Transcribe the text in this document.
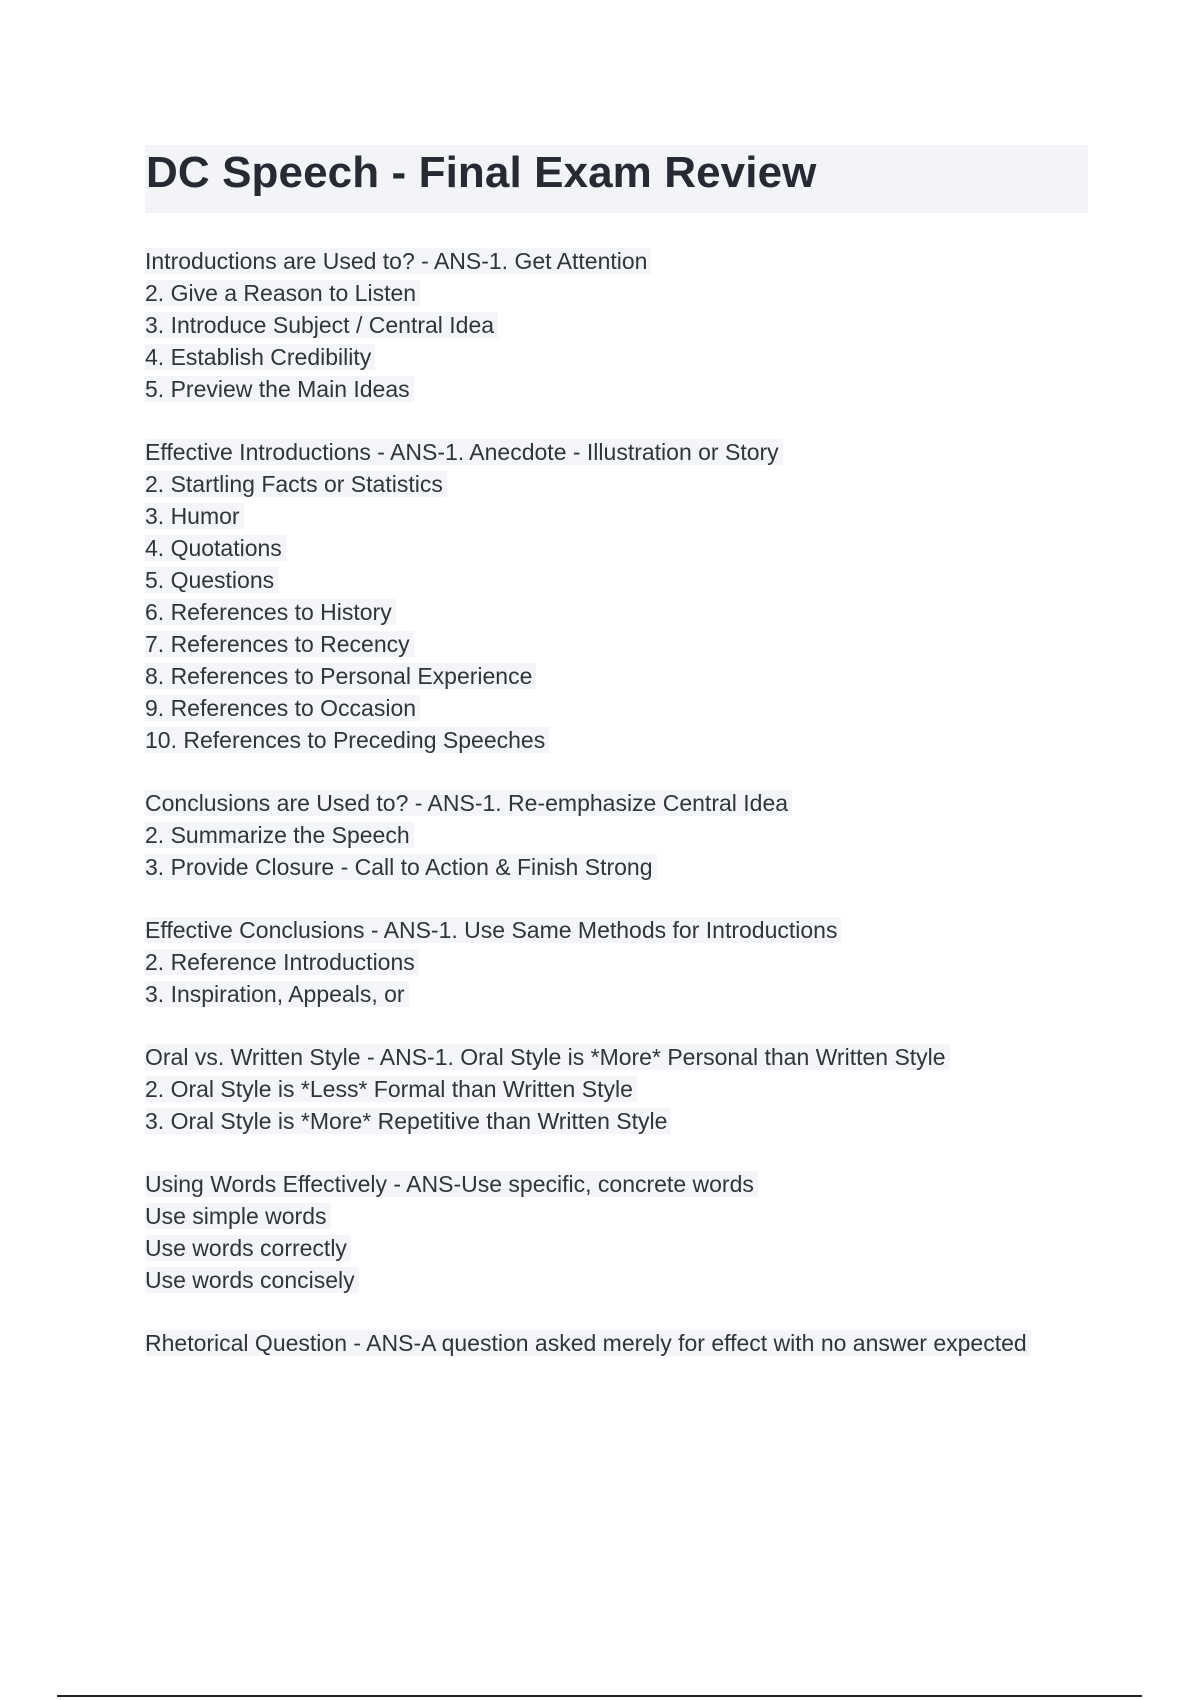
DC Speech - Final Exam Review
Introductions are Used to? - ANS-1. Get Attention
2. Give a Reason to Listen
3. Introduce Subject / Central Idea
4. Establish Credibility
5. Preview the Main Ideas
Effective Introductions - ANS-1. Anecdote - Illustration or Story
2. Startling Facts or Statistics
3. Humor
4. Quotations
5. Questions
6. References to History
7. References to Recency
8. References to Personal Experience
9. References to Occasion
10. References to Preceding Speeches
Conclusions are Used to? - ANS-1. Re-emphasize Central Idea
2. Summarize the Speech
3. Provide Closure - Call to Action & Finish Strong
Effective Conclusions - ANS-1. Use Same Methods for Introductions
2. Reference Introductions
3. Inspiration, Appeals, or
Oral vs. Written Style - ANS-1. Oral Style is *More* Personal than Written Style
2. Oral Style is *Less* Formal than Written Style
3. Oral Style is *More* Repetitive than Written Style
Using Words Effectively - ANS-Use specific, concrete words
Use simple words
Use words correctly
Use words concisely
Rhetorical Question - ANS-A question asked merely for effect with no answer expected
